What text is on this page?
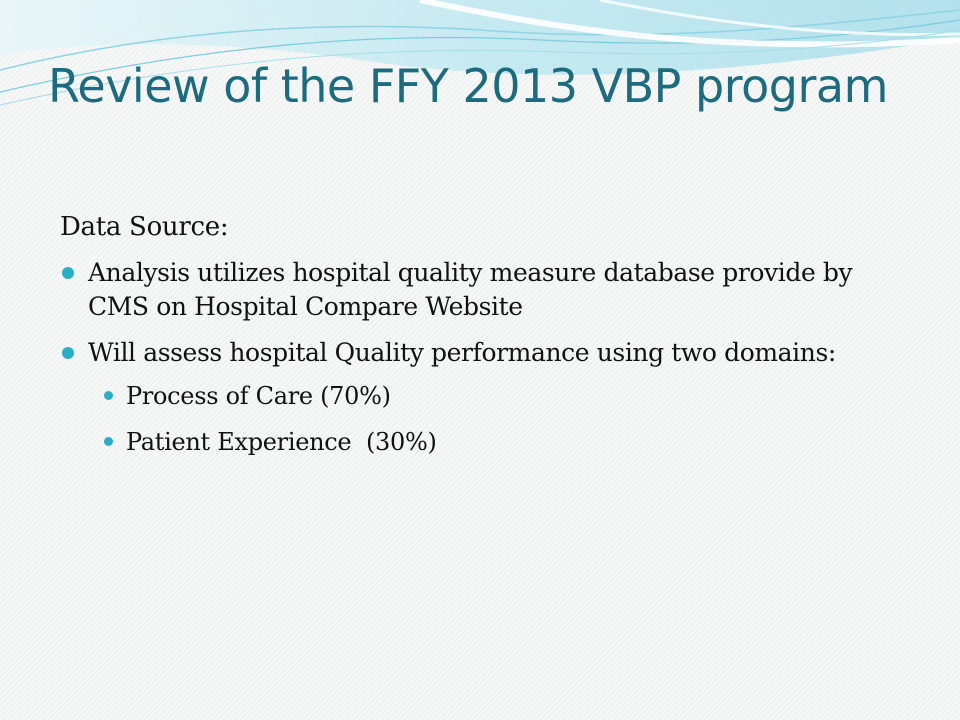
Review of the FFY 2013 VBP program

Data Source:

Analysis utilizes hospital quality measure database provide by CMS on Hospital Compare Website
Will assess hospital Quality performance using two domains:
Process of Care (70%)
Patient Experience  (30%)
